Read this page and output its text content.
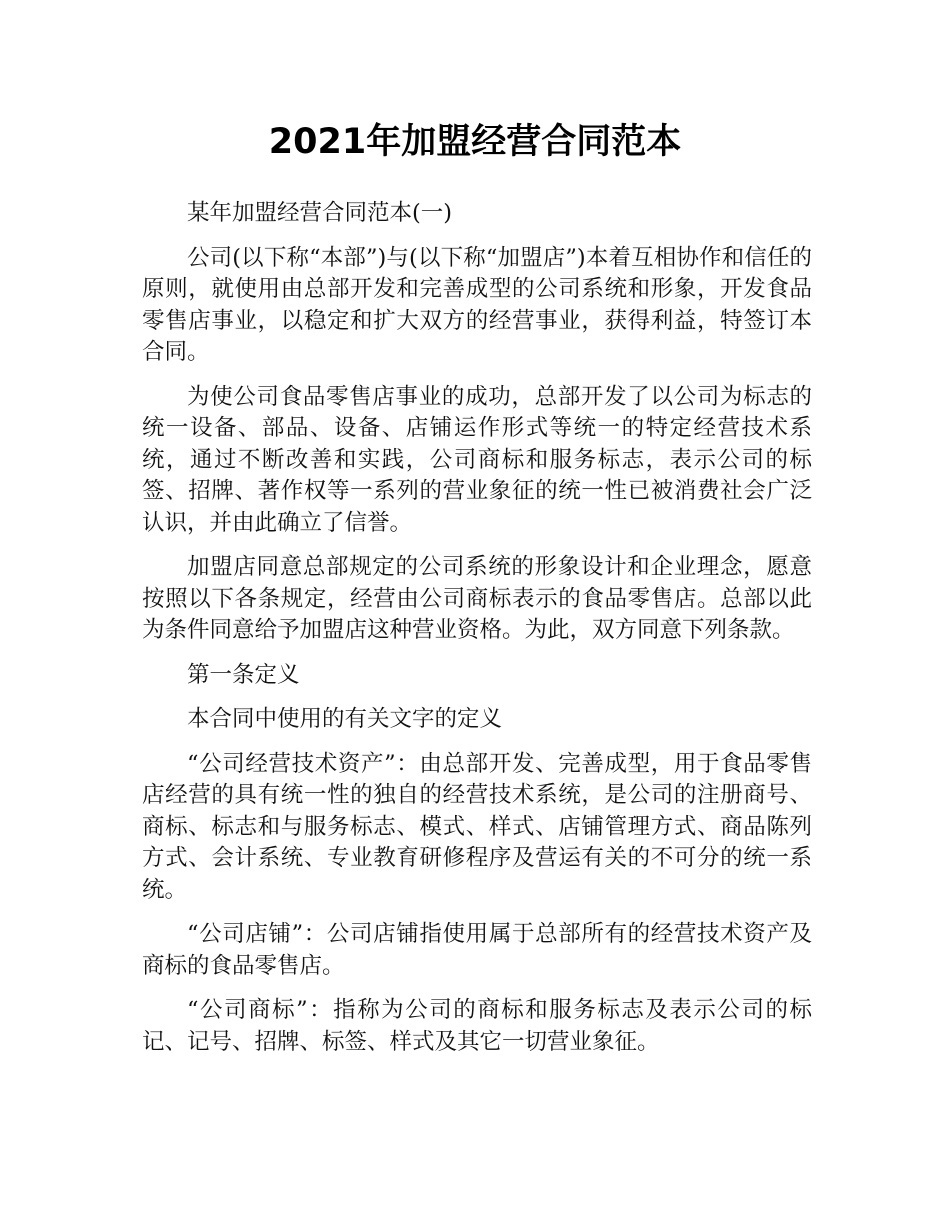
2021年加盟经营合同范本

某年加盟经营合同范本(一)

公司(以下称“本部”)与(以下称“加盟店”)本着互相协作和信任的原则，就使用由总部开发和完善成型的公司系统和形象，开发食品零售店事业，以稳定和扩大双方的经营事业，获得利益，特签订本合同。

为使公司食品零售店事业的成功，总部开发了以公司为标志的统一设备、部品、设备、店铺运作形式等统一的特定经营技术系统，通过不断改善和实践，公司商标和服务标志，表示公司的标签、招牌、著作权等一系列的营业象征的统一性已被消费社会广泛认识，并由此确立了信誉。

加盟店同意总部规定的公司系统的形象设计和企业理念，愿意按照以下各条规定，经营由公司商标表示的食品零售店。总部以此为条件同意给予加盟店这种营业资格。为此，双方同意下列条款。

第一条定义

本合同中使用的有关文字的定义

“公司经营技术资产”：由总部开发、完善成型，用于食品零售店经营的具有统一性的独自的经营技术系统，是公司的注册商号、商标、标志和与服务标志、模式、样式、店铺管理方式、商品陈列方式、会计系统、专业教育研修程序及营运有关的不可分的统一系统。

“公司店铺”：公司店铺指使用属于总部所有的经营技术资产及商标的食品零售店。

“公司商标”：指称为公司的商标和服务标志及表示公司的标记、记号、招牌、标签、样式及其它一切营业象征。
